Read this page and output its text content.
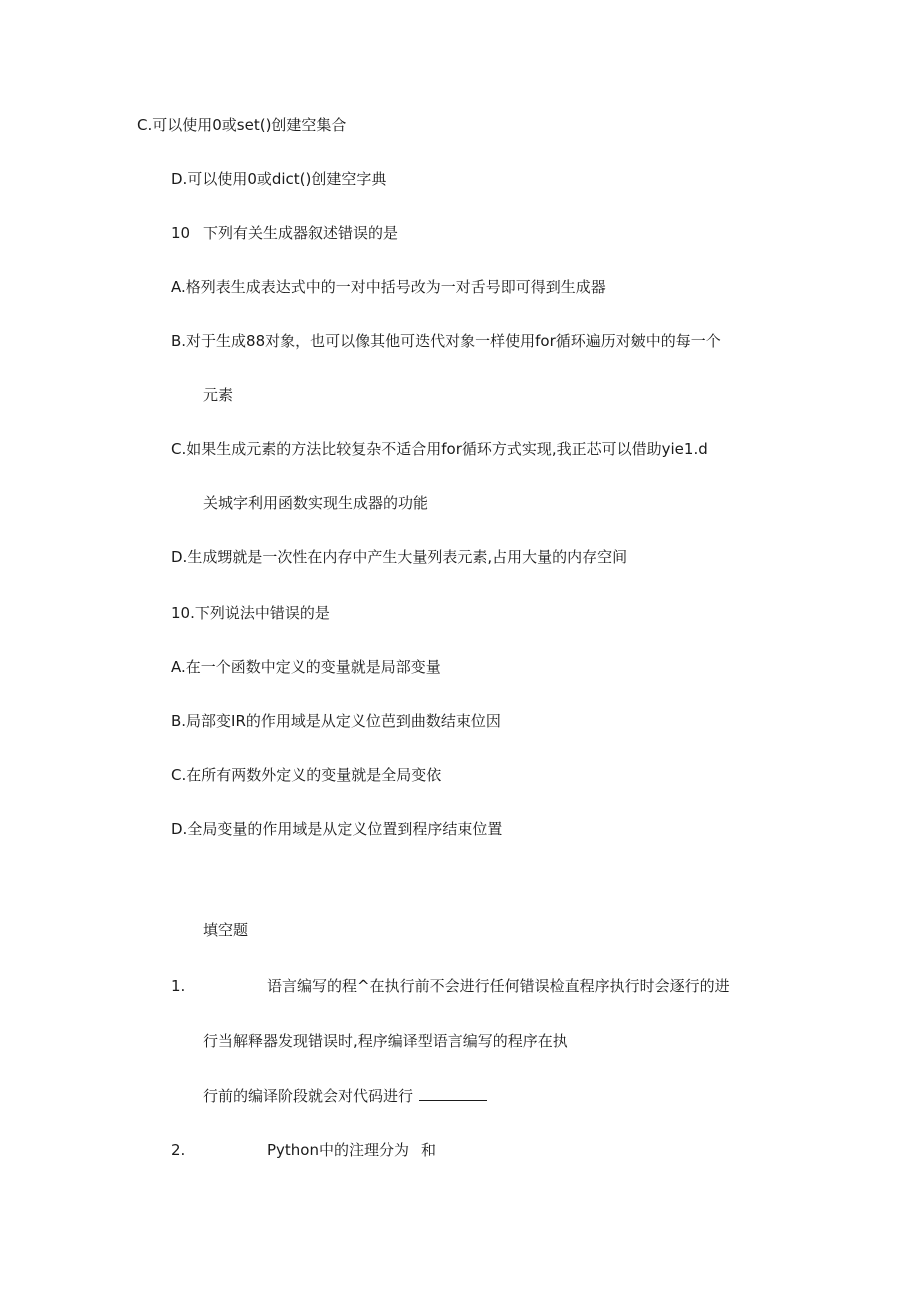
C.可以使用0或set()创建空集合
D.可以使用0或dict()创建空字典
10 下列有关生成器叙述错误的是
A.格列表生成表达式中的一对中括号改为一对舌号即可得到生成器
B.对于生成88对象，也可以像其他可迭代对象一样使用for循环遍历对皴中的每一个
元素
C.如果生成元素的方法比较复杂不适合用for循环方式实现,我正芯可以借助yie1.d
关城字利用函数实现生成器的功能
D.生成甥就是一次性在内存中产生大量列表元素,占用大量的内存空间
10.下列说法中错误的是
A.在一个函数中定义的变量就是局部变量
B.局部变IR的作用域是从定义位芭到曲数结束位因
C.在所有两数外定义的变量就是全局变依
D.全局变量的作用域是从定义位置到程序结束位置
填空题
1.	语言编写的程^在执行前不会进行任何错误检直程序执行时会逐行的进
行当解释器发现错误时,程序编译型语言编写的程序在执
行前的编译阶段就会对代码进行
2.	Python中的注理分为 和
